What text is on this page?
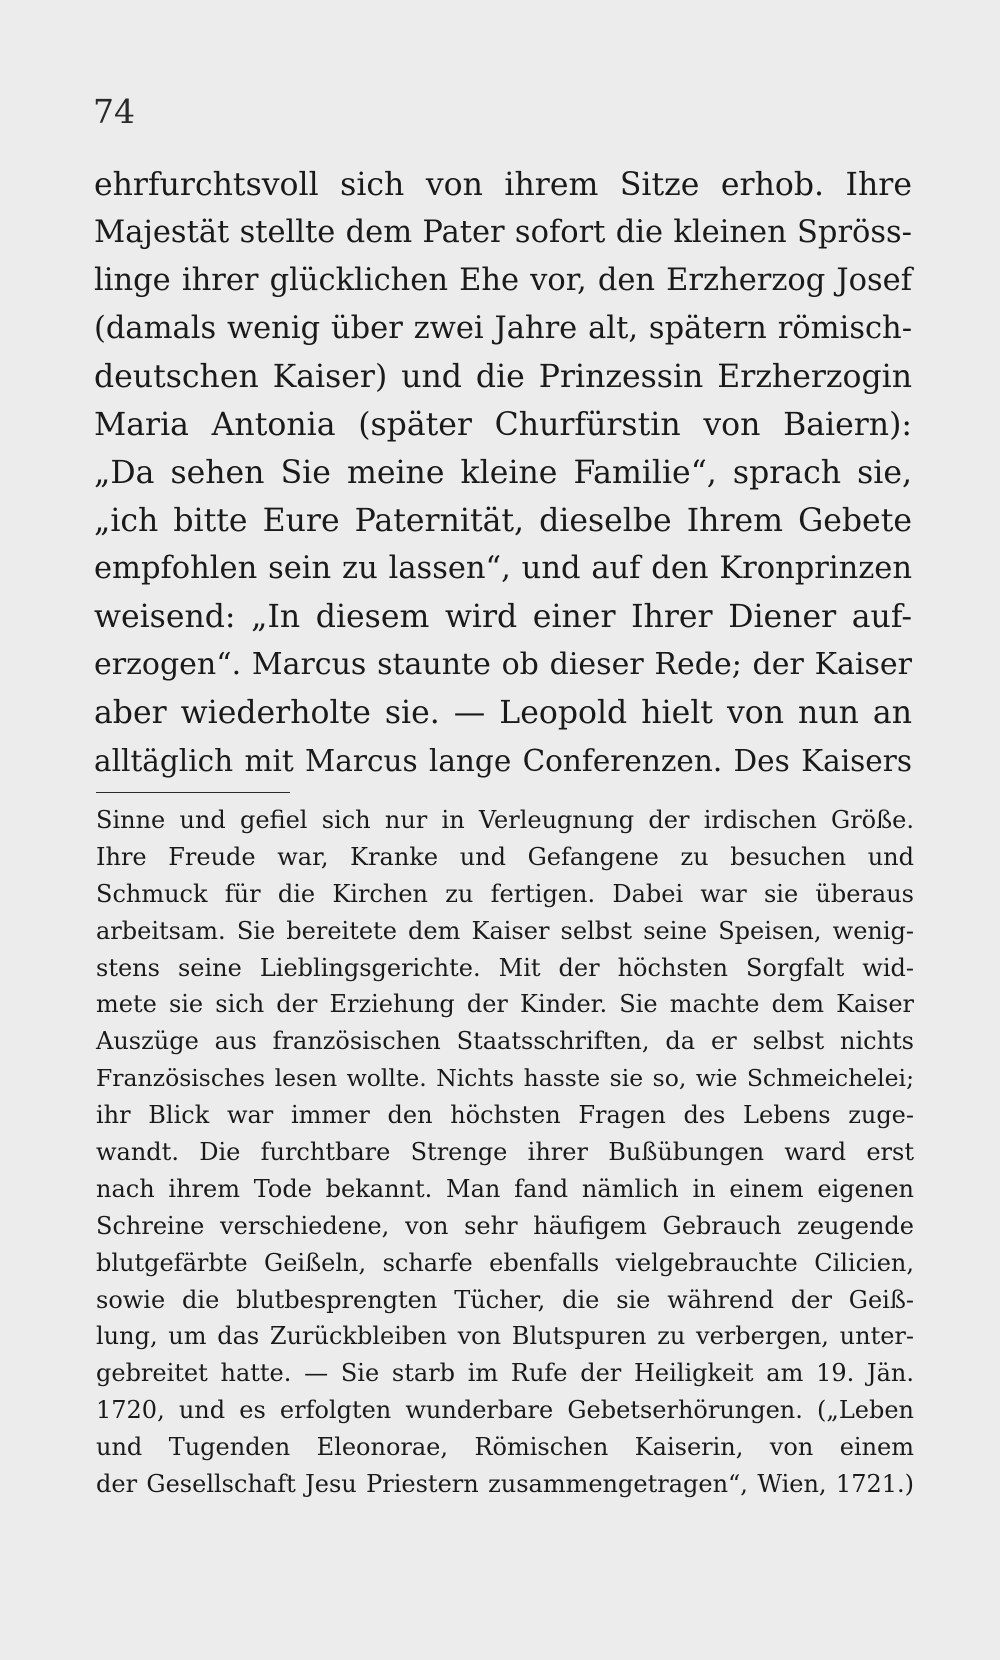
74
ehrfurchtsvoll sich von ihrem Sitze erhob. Ihre
Majestät stellte dem Pater sofort die kleinen Spröss-
linge ihrer glücklichen Ehe vor, den Erzherzog Josef
(damals wenig über zwei Jahre alt, spätern römisch-
deutschen Kaiser) und die Prinzessin Erzherzogin
Maria Antonia (später Churfürstin von Baiern):
„Da sehen Sie meine kleine Familie“, sprach sie,
„ich bitte Eure Paternität, dieselbe Ihrem Gebete
empfohlen sein zu lassen“, und auf den Kronprinzen
weisend: „In diesem wird einer Ihrer Diener auf-
erzogen“. Marcus staunte ob dieser Rede; der Kaiser
aber wiederholte sie. — Leopold hielt von nun an
alltäglich mit Marcus lange Conferenzen. Des Kaisers
Sinne und gefiel sich nur in Verleugnung der irdischen Größe.
Ihre Freude war, Kranke und Gefangene zu besuchen und
Schmuck für die Kirchen zu fertigen. Dabei war sie überaus
arbeitsam. Sie bereitete dem Kaiser selbst seine Speisen, wenig-
stens seine Lieblingsgerichte. Mit der höchsten Sorgfalt wid-
mete sie sich der Erziehung der Kinder. Sie machte dem Kaiser
Auszüge aus französischen Staatsschriften, da er selbst nichts
Französisches lesen wollte. Nichts hasste sie so, wie Schmeichelei;
ihr Blick war immer den höchsten Fragen des Lebens zuge-
wandt. Die furchtbare Strenge ihrer Bußübungen ward erst
nach ihrem Tode bekannt. Man fand nämlich in einem eigenen
Schreine verschiedene, von sehr häufigem Gebrauch zeugende
blutgefärbte Geißeln, scharfe ebenfalls vielgebrauchte Cilicien,
sowie die blutbesprengten Tücher, die sie während der Geiß-
lung, um das Zurückbleiben von Blutspuren zu verbergen, unter-
gebreitet hatte. — Sie starb im Rufe der Heiligkeit am 19. Jän.
1720, und es erfolgten wunderbare Gebetserhörungen. („Leben
und Tugenden Eleonorae, Römischen Kaiserin, von einem
der Gesellschaft Jesu Priestern zusammengetragen“, Wien, 1721.)
